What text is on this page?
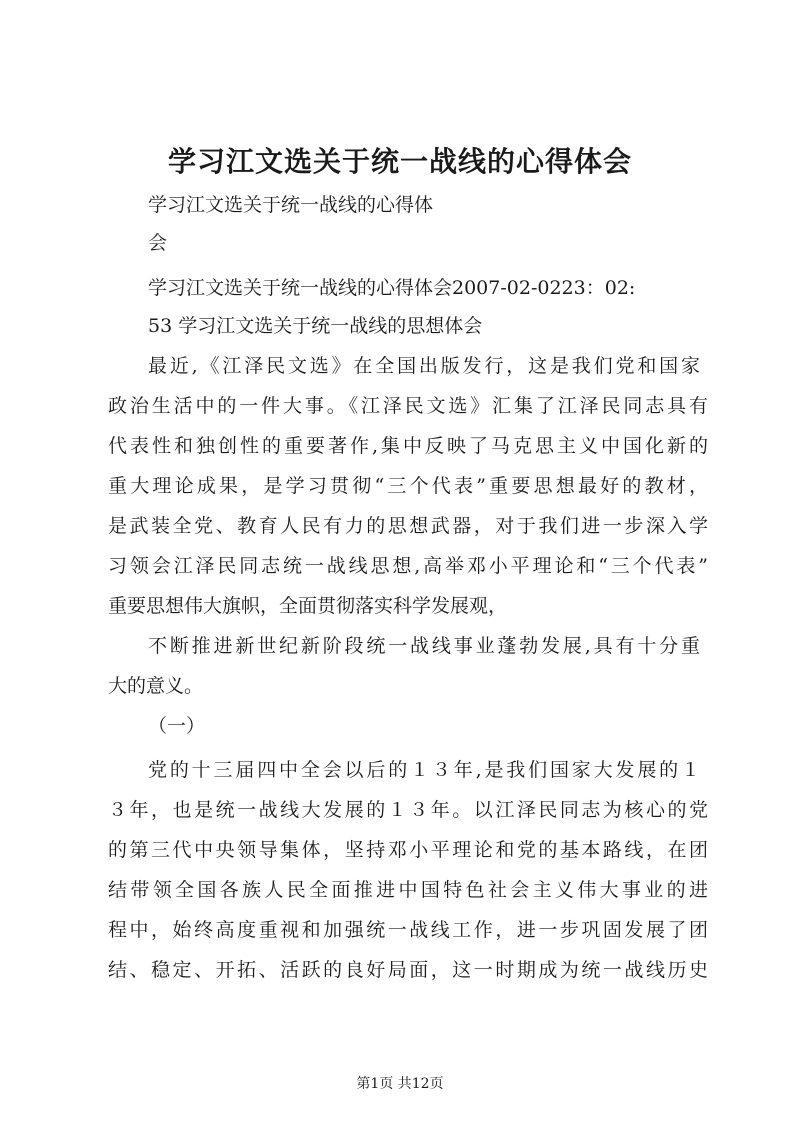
学习江文选关于统一战线的心得体会
学习江文选关于统一战线的心得体
会
学习江文选关于统一战线的心得体会2007-02-0223：02:
53 学习江文选关于统一战线的思想体会
最近,《江泽民文选》在全国出版发行，这是我们党和国家
政治生活中的一件大事。《江泽民文选》汇集了江泽民同志具有
代表性和独创性的重要著作,集中反映了马克思主义中国化新的
重大理论成果，是学习贯彻“三个代表”重要思想最好的教材，
是武装全党、教育人民有力的思想武器，对于我们进一步深入学
习领会江泽民同志统一战线思想,高举邓小平理论和“三个代表”
重要思想伟大旗帜，全面贯彻落实科学发展观，
不断推进新世纪新阶段统一战线事业蓬勃发展,具有十分重
大的意义。
（一）
党的十三届四中全会以后的１３年,是我们国家大发展的１
３年，也是统一战线大发展的１３年。以江泽民同志为核心的党
的第三代中央领导集体，坚持邓小平理论和党的基本路线，在团
结带领全国各族人民全面推进中国特色社会主义伟大事业的进
程中，始终高度重视和加强统一战线工作，进一步巩固发展了团
结、稳定、开拓、活跃的良好局面，这一时期成为统一战线历史
第1页 共12页
